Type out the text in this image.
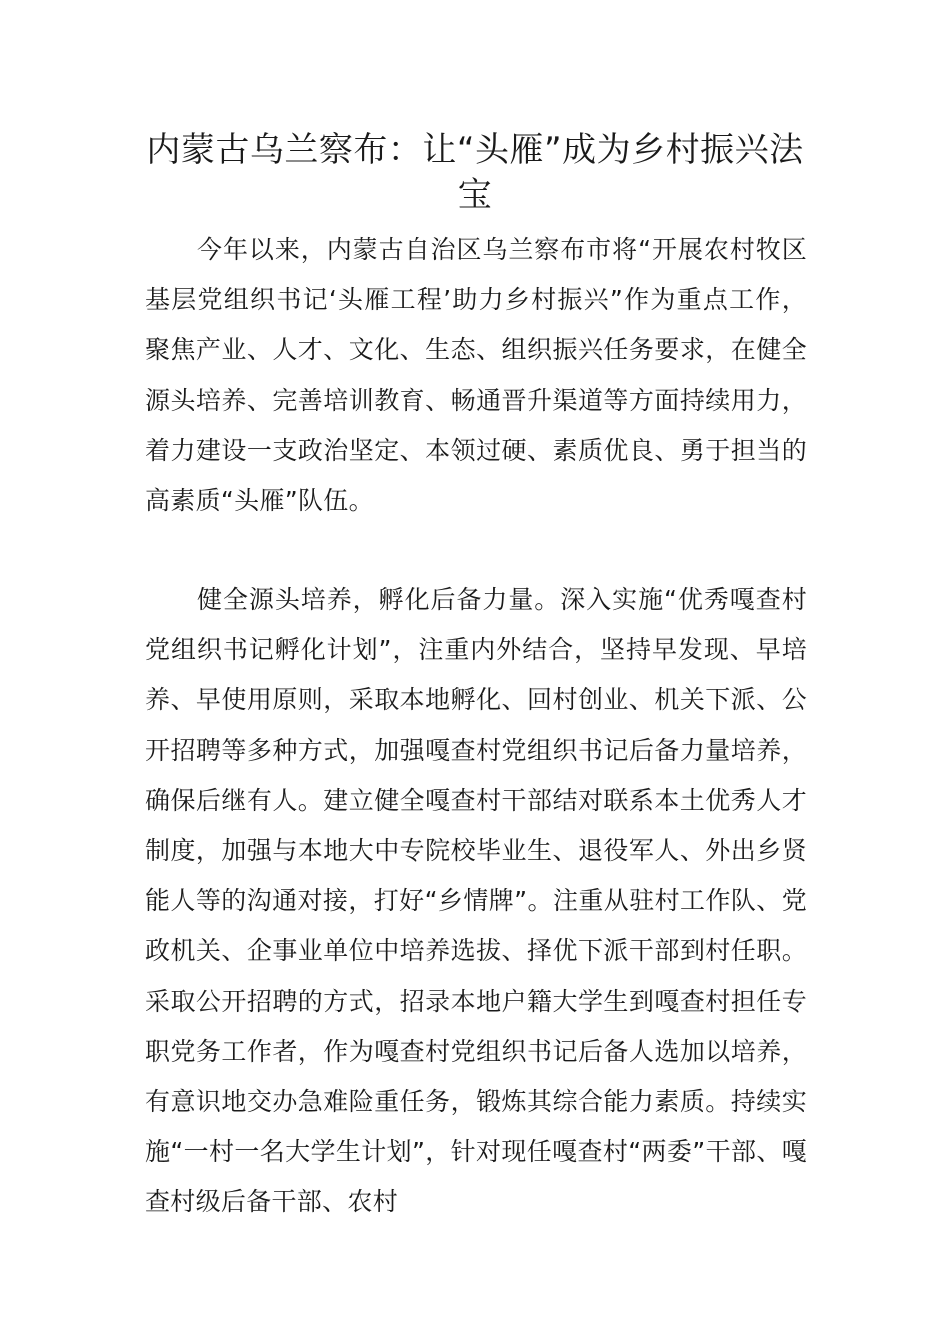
内蒙古乌兰察布：让“头雁”成为乡村振兴法宝

今年以来，内蒙古自治区乌兰察布市将“开展农村牧区基层党组织书记‘头雁工程’助力乡村振兴”作为重点工作，聚焦产业、人才、文化、生态、组织振兴任务要求，在健全源头培养、完善培训教育、畅通晋升渠道等方面持续用力，着力建设一支政治坚定、本领过硬、素质优良、勇于担当的高素质“头雁”队伍。

健全源头培养，孵化后备力量。深入实施“优秀嘎查村党组织书记孵化计划”，注重内外结合，坚持早发现、早培养、早使用原则，采取本地孵化、回村创业、机关下派、公开招聘等多种方式，加强嘎查村党组织书记后备力量培养，确保后继有人。建立健全嘎查村干部结对联系本土优秀人才制度，加强与本地大中专院校毕业生、退役军人、外出乡贤能人等的沟通对接，打好“乡情牌”。注重从驻村工作队、党政机关、企事业单位中培养选拔、择优下派干部到村任职。采取公开招聘的方式，招录本地户籍大学生到嘎查村担任专职党务工作者，作为嘎查村党组织书记后备人选加以培养，有意识地交办急难险重任务，锻炼其综合能力素质。持续实施“一村一名大学生计划”，针对现任嘎查村“两委”干部、嘎查村级后备干部、农村
